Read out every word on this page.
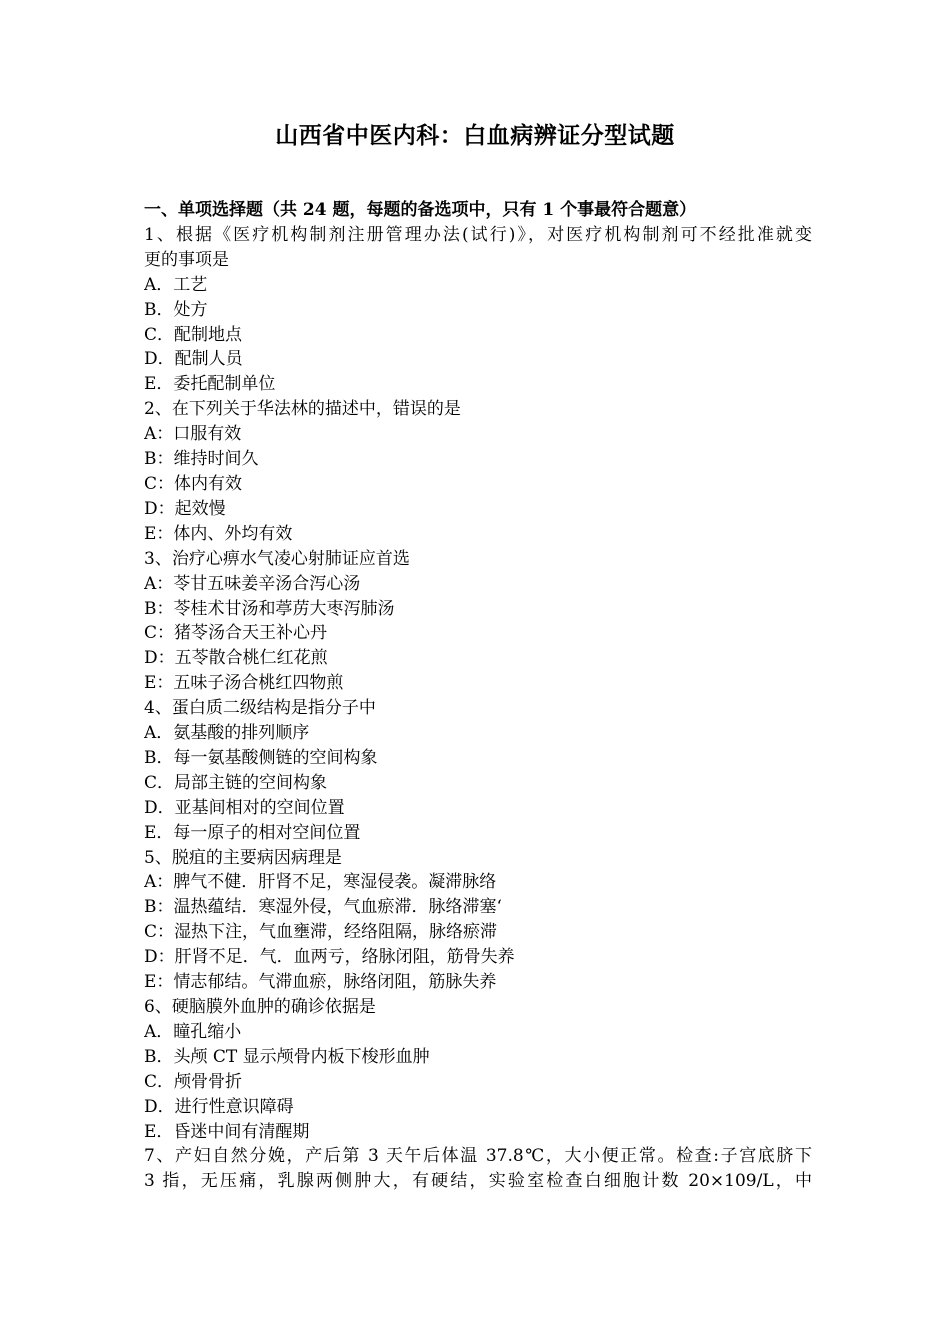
山西省中医内科：白血病辨证分型试题
一、单项选择题（共 24 题，每题的备选项中，只有 1 个事最符合题意）
1、根据《医疗机构制剂注册管理办法(试行)》，对医疗机构制剂可不经批准就变
更的事项是
A．工艺
B．处方
C．配制地点
D．配制人员
E．委托配制单位
2、在下列关于华法林的描述中，错误的是
A：口服有效
B：维持时间久
C：体内有效
D：起效慢
E：体内、外均有效
3、治疗心痹水气凌心射肺证应首选
A：苓甘五味姜辛汤合泻心汤
B：苓桂术甘汤和葶苈大枣泻肺汤
C：猪苓汤合天王补心丹
D：五苓散合桃仁红花煎
E：五味子汤合桃红四物煎
4、蛋白质二级结构是指分子中
A．氨基酸的排列顺序
B．每一氨基酸侧链的空间构象
C．局部主链的空间构象
D．亚基间相对的空间位置
E．每一原子的相对空间位置
5、脱疽的主要病因病理是
A：脾气不健．肝肾不足，寒湿侵袭。凝滞脉络
B：温热蕴结．寒湿外侵，气血瘀滞．脉络滞塞‘
C：湿热下注，气血壅滞，经络阻隔，脉络瘀滞
D：肝肾不足．气．血两亏，络脉闭阻，筋骨失养
E：情志郁结。气滞血瘀，脉络闭阻，筋脉失养
6、硬脑膜外血肿的确诊依据是
A．瞳孔缩小
B．头颅 CT 显示颅骨内板下梭形血肿
C．颅骨骨折
D．进行性意识障碍
E．昏迷中间有清醒期
7、产妇自然分娩，产后第 3 天午后体温 37.8℃，大小便正常。检查:子宫底脐下
3 指，无压痛，乳腺两侧肿大，有硬结，实验室检查白细胞计数 20×109/L，中
